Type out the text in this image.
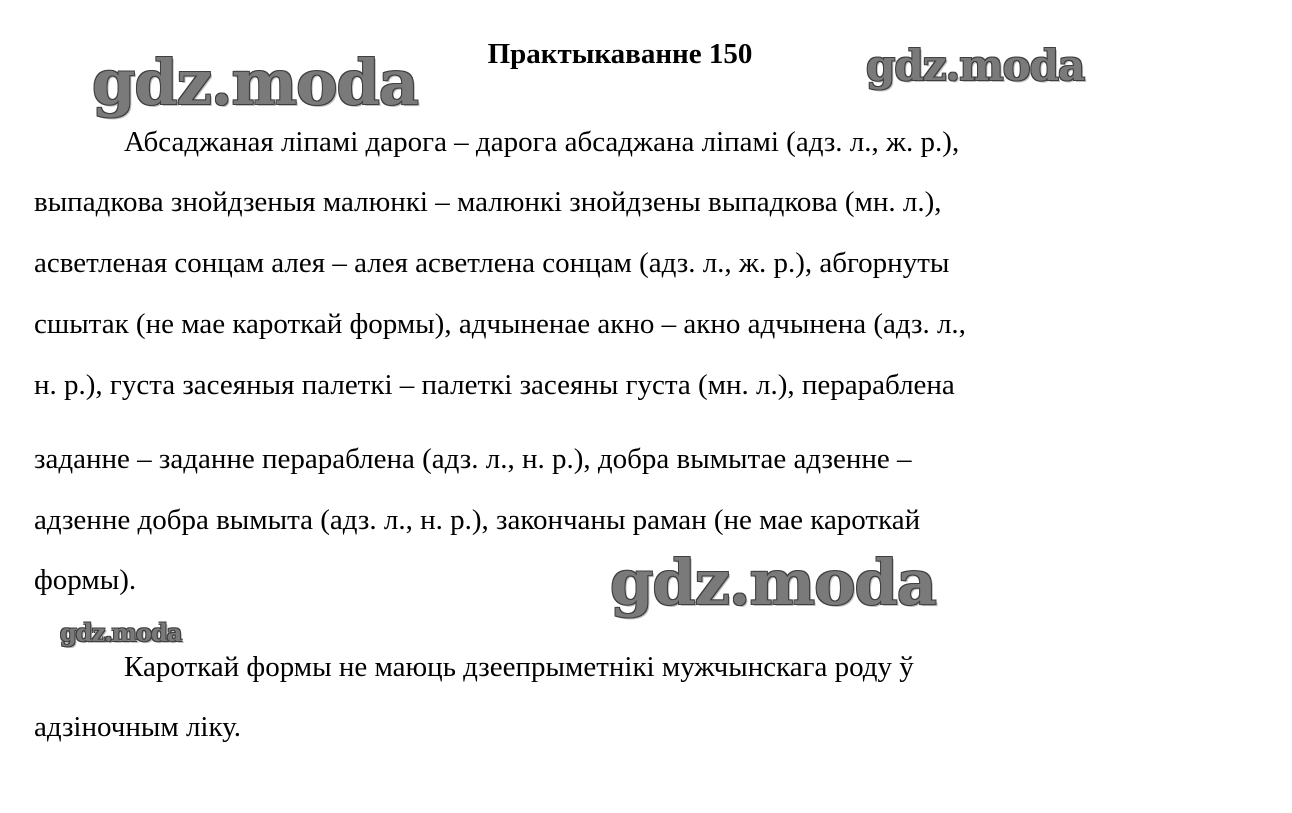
Практыкаванне 150
Абсаджаная ліпамі дарога – дарога абсаджана ліпамі (адз. л., ж. р.),
выпадкова знойдзеныя малюнкі – малюнкі знойдзены выпадкова (мн. л.),
асветленая сонцам алея – алея асветлена сонцам (адз. л., ж. р.), абгорнуты
сшытак (не мае кароткай формы), адчыненае акно – акно адчынена (адз. л.,
н. р.), густа засеяныя палеткі – палеткі засеяны густа (мн. л.), перараблена
заданне – заданне перараблена (адз. л., н. р.), добра вымытае адзенне –
адзенне добра вымыта (адз. л., н. р.), закончаны раман (не мае кароткай
формы).
Кароткай формы не маюць дзеепрыметнікі мужчынскага роду ў
адзіночным ліку.
gdz.moda	gdz.moda
gdz.moda
gdz.moda
